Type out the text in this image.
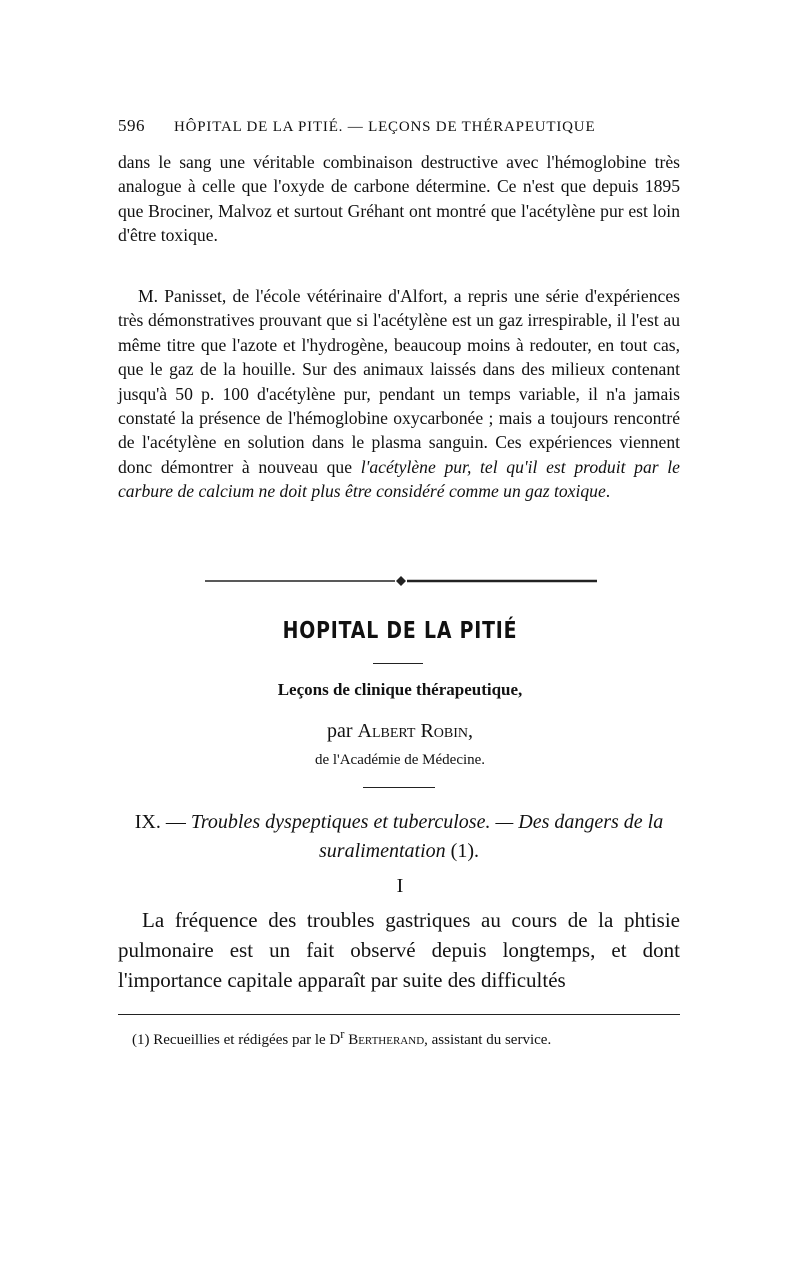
596 HÔPITAL DE LA PITIÉ. — LEÇONS DE THÉRAPEUTIQUE
dans le sang une véritable combinaison destructive avec l'hémoglobine très analogue à celle que l'oxyde de carbone détermine. Ce n'est que depuis 1895 que Brociner, Malvoz et surtout Gréhant ont montré que l'acétylène pur est loin d'être toxique.
M. Panisset, de l'école vétérinaire d'Alfort, a repris une série d'expériences très démonstratives prouvant que si l'acétylène est un gaz irrespirable, il l'est au même titre que l'azote et l'hydrogène, beaucoup moins à redouter, en tout cas, que le gaz de la houille. Sur des animaux laissés dans des milieux contenant jusqu'à 50 p. 100 d'acétylène pur, pendant un temps variable, il n'a jamais constaté la présence de l'hémoglobine oxycarbonée ; mais a toujours rencontré de l'acétylène en solution dans le plasma sanguin. Ces expériences viennent donc démontrer à nouveau que l'acétylène pur, tel qu'il est produit par le carbure de calcium ne doit plus être considéré comme un gaz toxique.
HOPITAL DE LA PITIÉ
Leçons de clinique thérapeutique,
par Albert Robin,
de l'Académie de Médecine.
IX. — Troubles dyspeptiques et tuberculose. — Des dangers de la suralimentation (1).
I
La fréquence des troubles gastriques au cours de la phtisie pulmonaire est un fait observé depuis longtemps, et dont l'importance capitale apparaît par suite des difficultés
(1) Recueillies et rédigées par le $D^r$ Bertherand, assistant du service.
